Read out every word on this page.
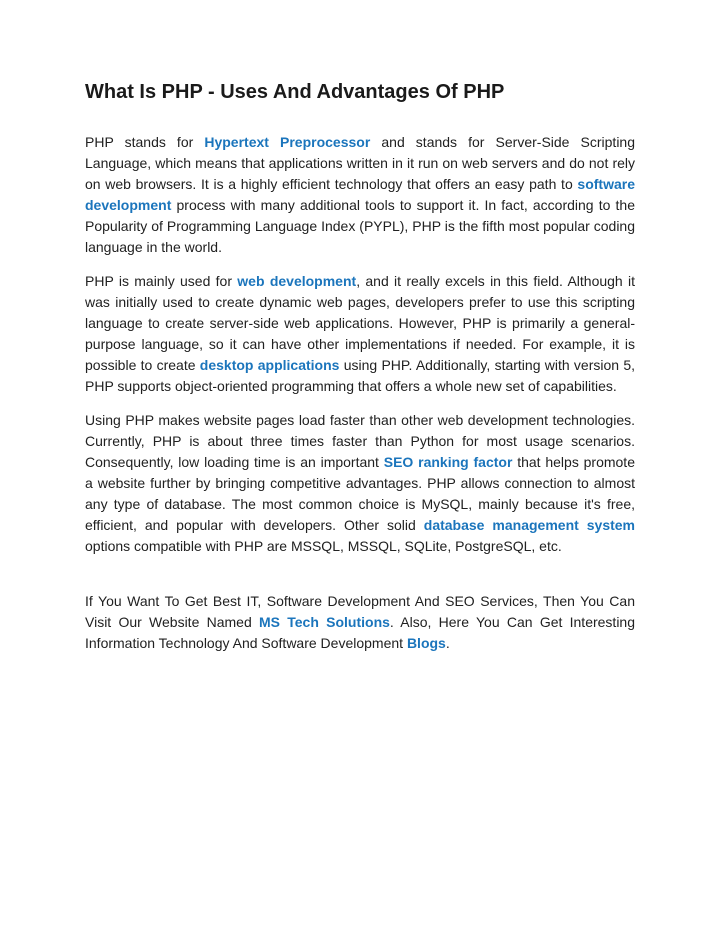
What Is PHP - Uses And Advantages Of PHP

PHP stands for Hypertext Preprocessor and stands for Server-Side Scripting Language, which means that applications written in it run on web servers and do not rely on web browsers. It is a highly efficient technology that offers an easy path to software development process with many additional tools to support it. In fact, according to the Popularity of Programming Language Index (PYPL), PHP is the fifth most popular coding language in the world.

PHP is mainly used for web development, and it really excels in this field. Although it was initially used to create dynamic web pages, developers prefer to use this scripting language to create server-side web applications. However, PHP is primarily a general-purpose language, so it can have other implementations if needed. For example, it is possible to create desktop applications using PHP. Additionally, starting with version 5, PHP supports object-oriented programming that offers a whole new set of capabilities.

Using PHP makes website pages load faster than other web development technologies. Currently, PHP is about three times faster than Python for most usage scenarios. Consequently, low loading time is an important SEO ranking factor that helps promote a website further by bringing competitive advantages. PHP allows connection to almost any type of database. The most common choice is MySQL, mainly because it's free, efficient, and popular with developers. Other solid database management system options compatible with PHP are MSSQL, MSSQL, SQLite, PostgreSQL, etc.

If You Want To Get Best IT, Software Development And SEO Services, Then You Can Visit Our Website Named MS Tech Solutions. Also, Here You Can Get Interesting Information Technology And Software Development Blogs.
